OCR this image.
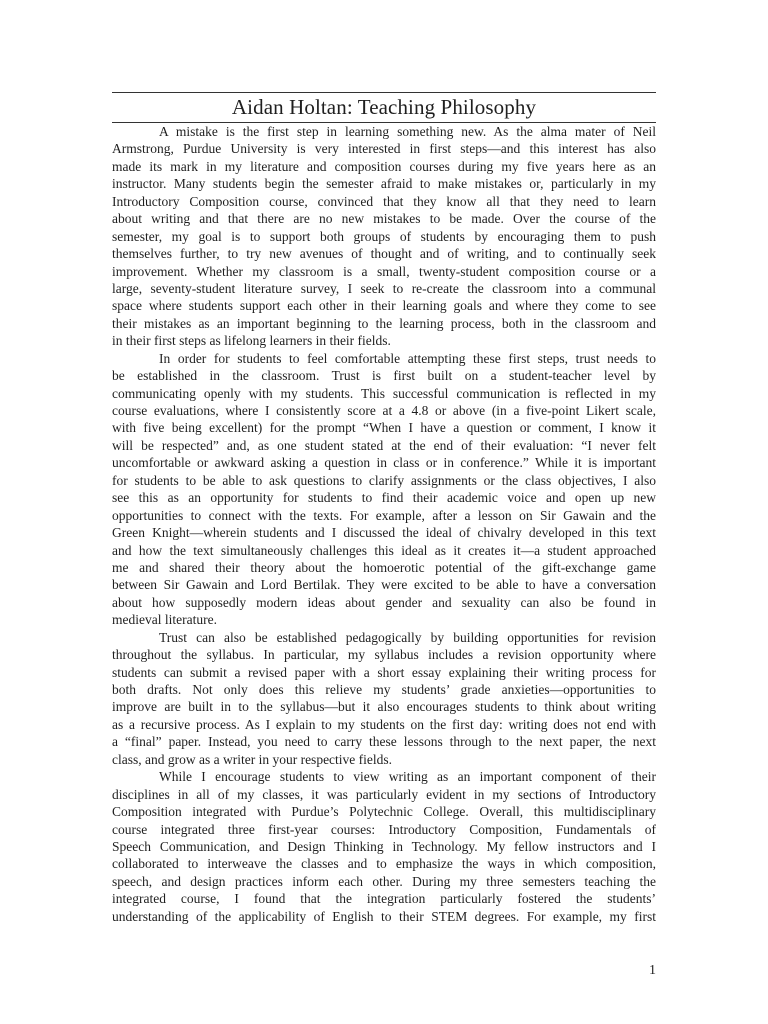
Aidan Holtan: Teaching Philosophy
A mistake is the first step in learning something new. As the alma mater of Neil
Armstrong, Purdue University is very interested in first steps—and this interest has also
made its mark in my literature and composition courses during my five years here as an
instructor. Many students begin the semester afraid to make mistakes or, particularly in my
Introductory Composition course, convinced that they know all that they need to learn
about writing and that there are no new mistakes to be made. Over the course of the
semester, my goal is to support both groups of students by encouraging them to push
themselves further, to try new avenues of thought and of writing, and to continually seek
improvement. Whether my classroom is a small, twenty-student composition course or a
large, seventy-student literature survey, I seek to re-create the classroom into a communal
space where students support each other in their learning goals and where they come to see
their mistakes as an important beginning to the learning process, both in the classroom and
in their first steps as lifelong learners in their fields.
In order for students to feel comfortable attempting these first steps, trust needs to
be established in the classroom. Trust is first built on a student-teacher level by
communicating openly with my students. This successful communication is reflected in my
course evaluations, where I consistently score at a 4.8 or above (in a five-point Likert scale,
with five being excellent) for the prompt “When I have a question or comment, I know it
will be respected” and, as one student stated at the end of their evaluation: “I never felt
uncomfortable or awkward asking a question in class or in conference.” While it is important
for students to be able to ask questions to clarify assignments or the class objectives, I also
see this as an opportunity for students to find their academic voice and open up new
opportunities to connect with the texts. For example, after a lesson on Sir Gawain and the
Green Knight—wherein students and I discussed the ideal of chivalry developed in this text
and how the text simultaneously challenges this ideal as it creates it—a student approached
me and shared their theory about the homoerotic potential of the gift-exchange game
between Sir Gawain and Lord Bertilak. They were excited to be able to have a conversation
about how supposedly modern ideas about gender and sexuality can also be found in
medieval literature.
Trust can also be established pedagogically by building opportunities for revision
throughout the syllabus. In particular, my syllabus includes a revision opportunity where
students can submit a revised paper with a short essay explaining their writing process for
both drafts. Not only does this relieve my students’ grade anxieties—opportunities to
improve are built in to the syllabus—but it also encourages students to think about writing
as a recursive process. As I explain to my students on the first day: writing does not end with
a “final” paper. Instead, you need to carry these lessons through to the next paper, the next
class, and grow as a writer in your respective fields.
While I encourage students to view writing as an important component of their
disciplines in all of my classes, it was particularly evident in my sections of Introductory
Composition integrated with Purdue’s Polytechnic College. Overall, this multidisciplinary
course integrated three first-year courses: Introductory Composition, Fundamentals of
Speech Communication, and Design Thinking in Technology. My fellow instructors and I
collaborated to interweave the classes and to emphasize the ways in which composition,
speech, and design practices inform each other. During my three semesters teaching the
integrated course, I found that the integration particularly fostered the students’
understanding of the applicability of English to their STEM degrees. For example, my first
1
